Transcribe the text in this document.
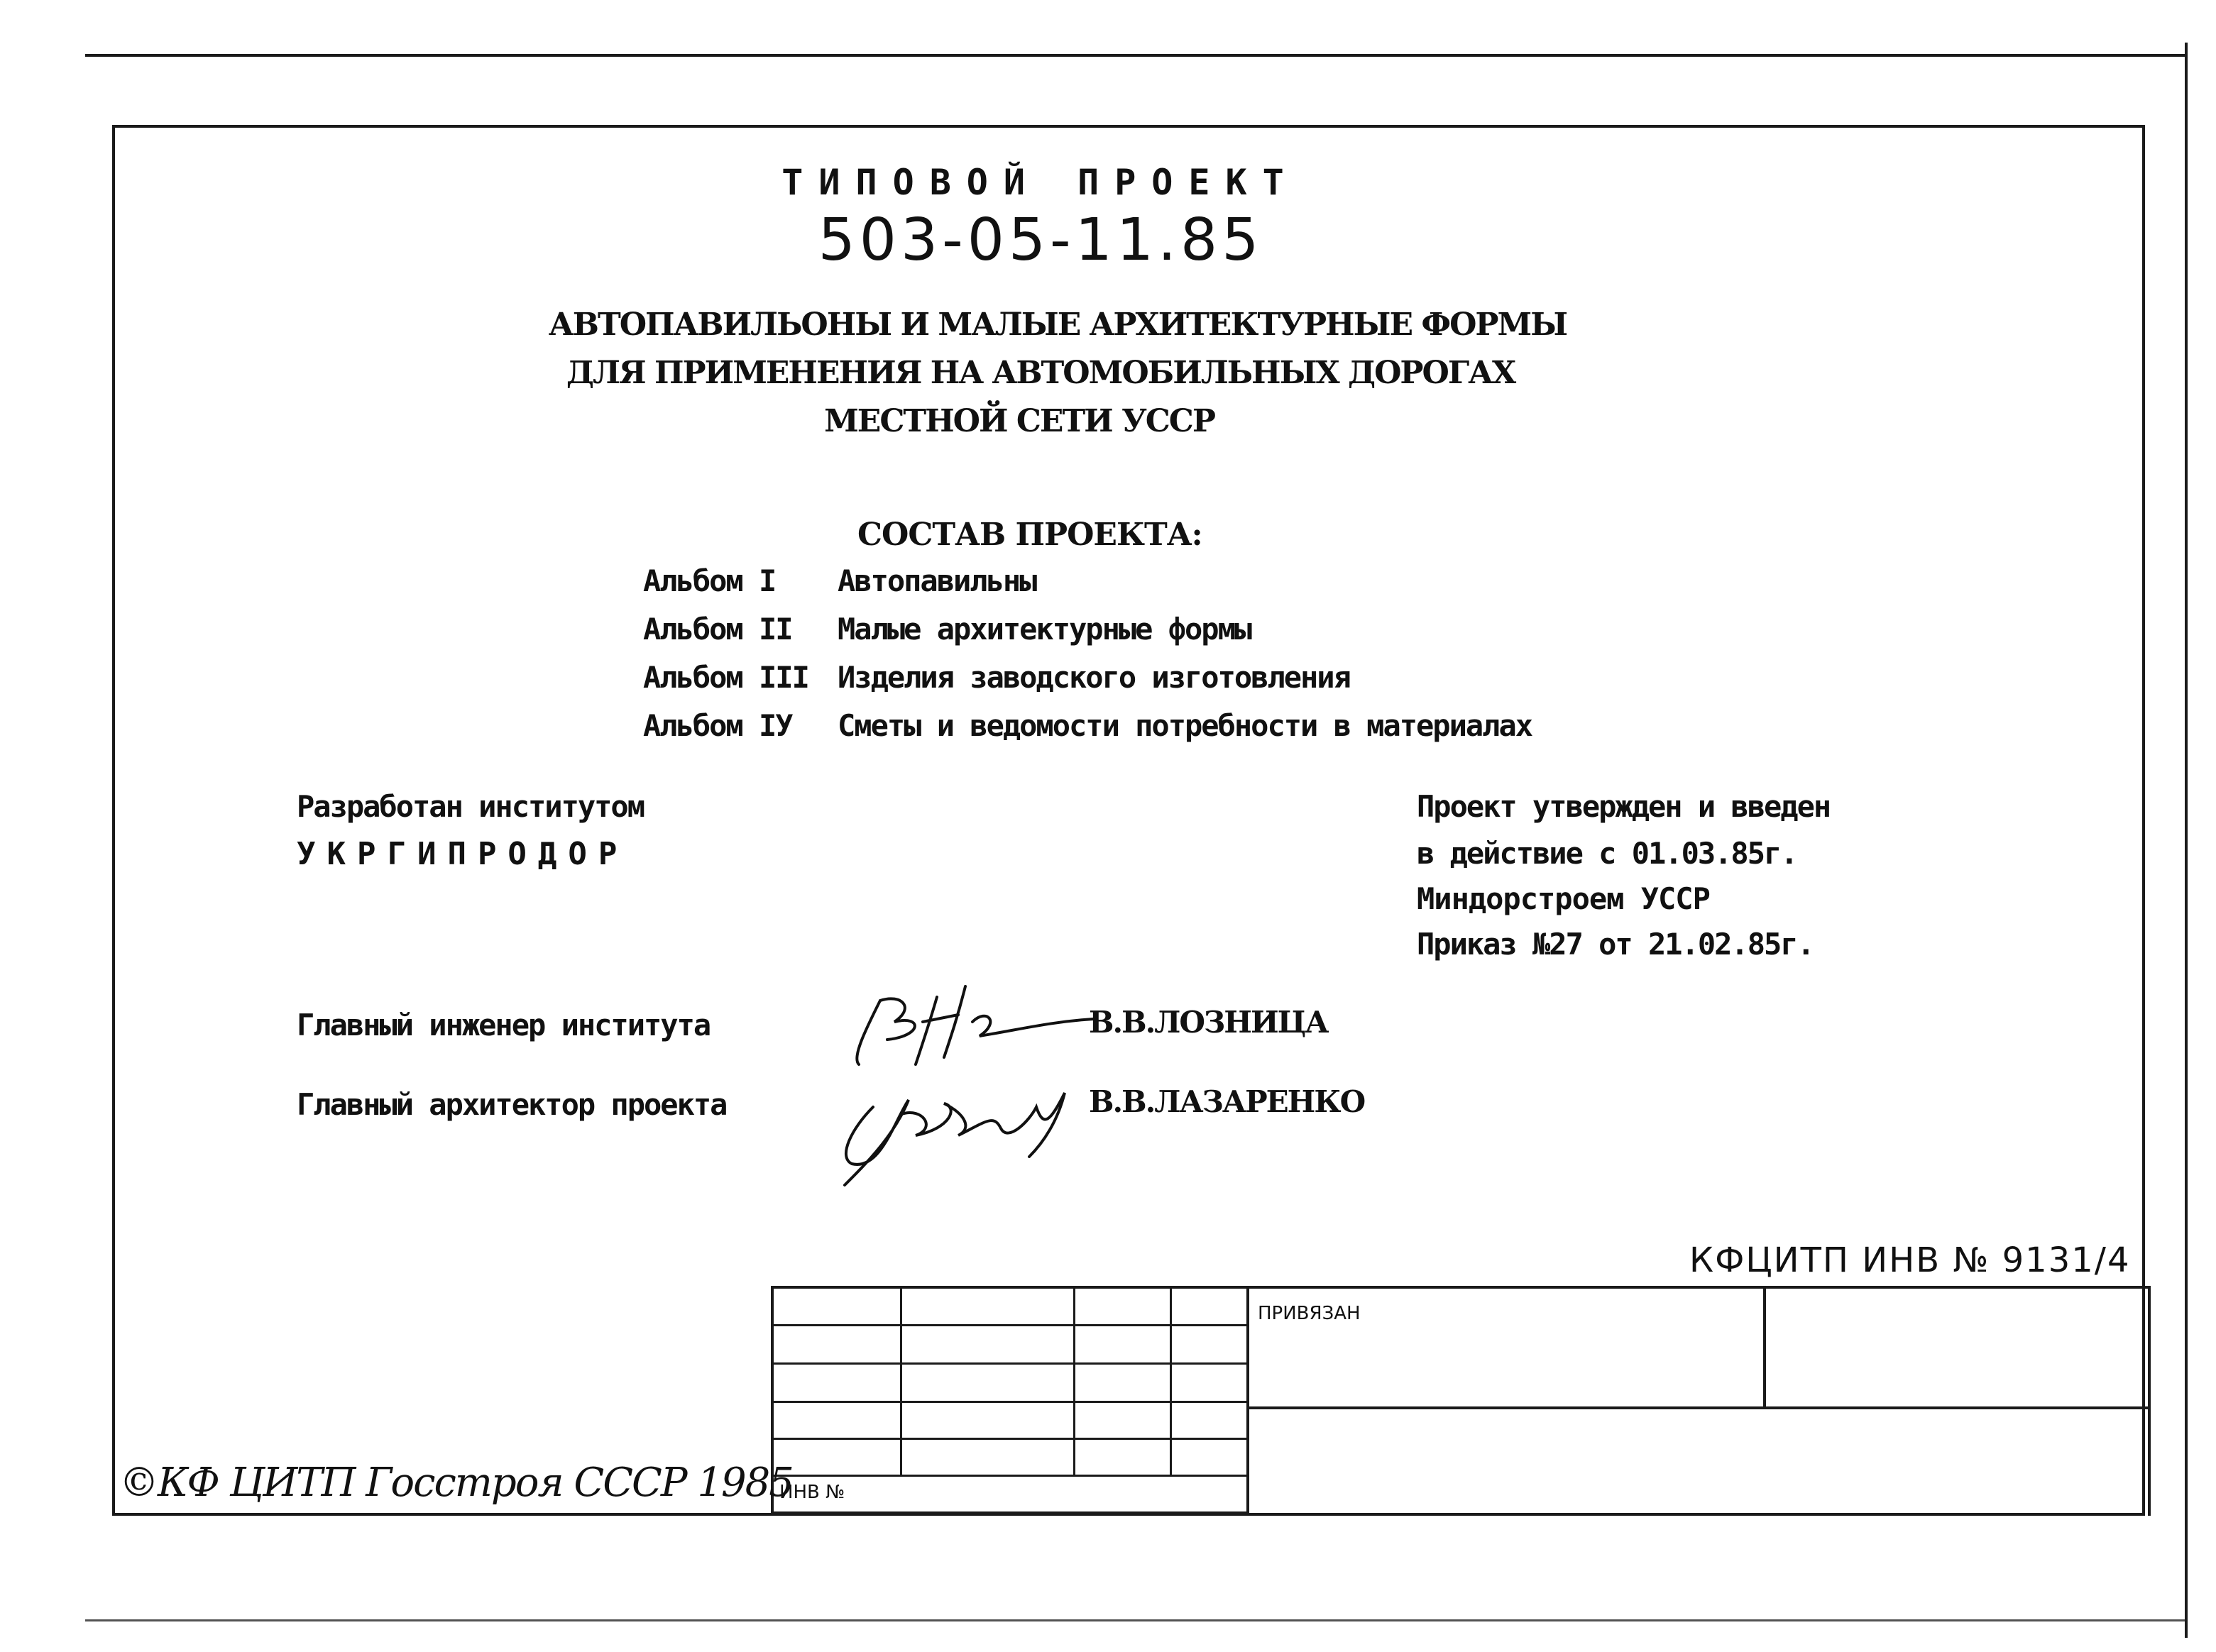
ТИПОВОЙ ПРОЕКТ
503-05-11.85
АВТОПАВИЛЬОНЫ И МАЛЫЕ АРХИТЕКТУРНЫЕ ФОРМЫ
ДЛЯ ПРИМЕНЕНИЯ НА АВТОМОБИЛЬНЫХ ДОРОГАХ
МЕСТНОЙ СЕТИ УССР
СОСТАВ ПРОЕКТА:
Альбом I Автопавильны
Альбом II Малые архитектурные формы
Альбом III Изделия заводского изготовления
Альбом IУ Сметы и ведомости потребности в материалах
Разработан институтом
УКРГИПРОДОР
Проект утвержден и введен
в действие с 01.03.85г.
Миндорстроем УССР
Приказ №27 от 21.02.85г.
Главный инженер института	В.В.ЛОЗНИЦА
Главный архитектор проекта	В.В.ЛАЗАРЕНКО
КФЦИТП ИНВ № 9131/4
ПРИВЯЗАН
ИНВ №
©КФ ЦИТП Госстроя СССР 1985
